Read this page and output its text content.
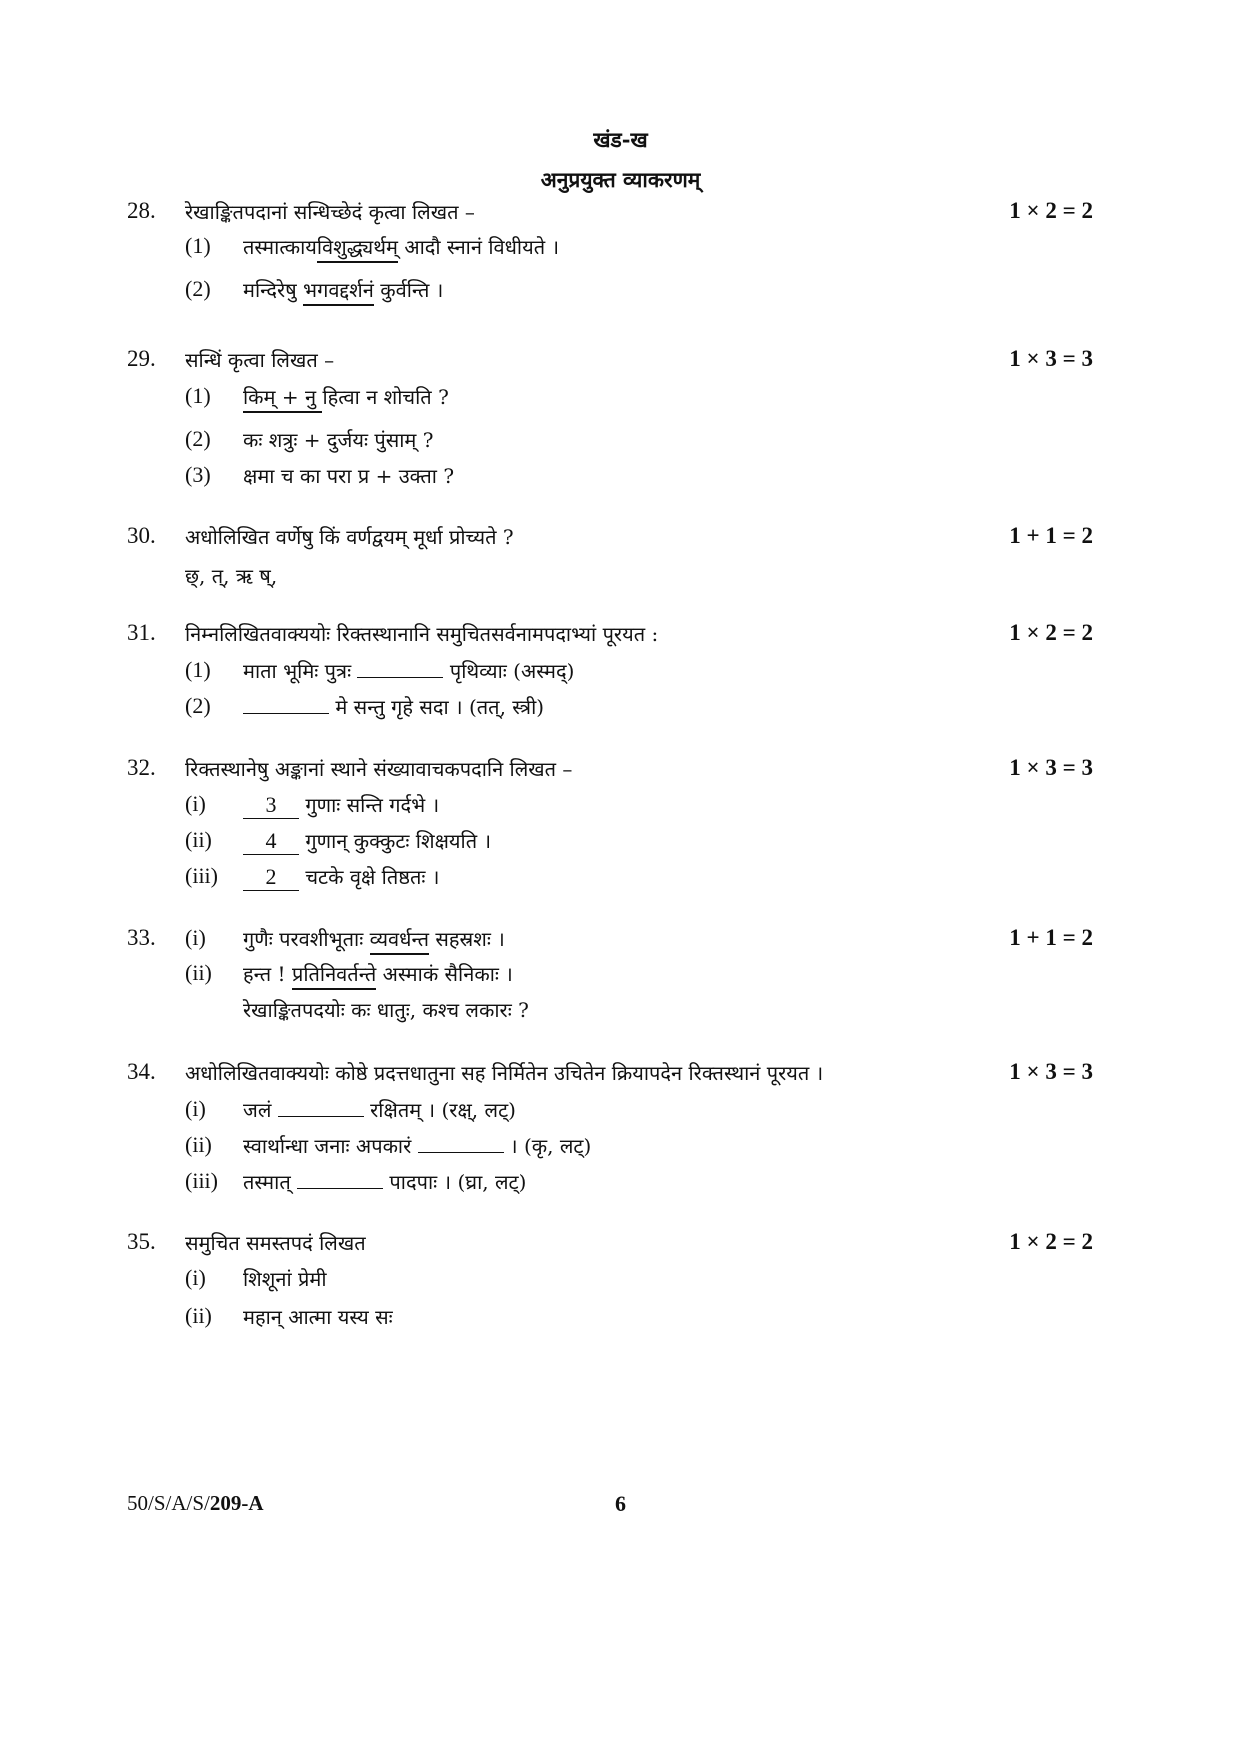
खंड-ख
अनुप्रयुक्त व्याकरणम्
28. रेखाङ्कितपदानां सन्धिच्छेदं कृत्वा लिखत –	1 × 2 = 2
(1) तस्मात्कायविशुद्ध्यर्थम् आदौ स्नानं विधीयते ।
(2) मन्दिरेषु भगवद्दर्शनं कुर्वन्ति ।
29. सन्धिं कृत्वा लिखत –	1 × 3 = 3
(1) किम् + नु हित्वा न शोचति ?
(2) कः शत्रुः + दुर्जयः पुंसाम् ?
(3) क्षमा च का परा प्र + उक्ता ?
30. अधोलिखित वर्णेषु किं वर्णद्वयम् मूर्धा प्रोच्यते ?	1 + 1 = 2
छ्, त्, ऋ ष्,
31. निम्नलिखितवाक्ययोः रिक्तस्थानानि समुचितसर्वनामपदाभ्यां पूरयत :	1 × 2 = 2
(1) माता भूमिः पुत्रः	पृथिव्याः (अस्मद्)
(2)	मे सन्तु गृहे सदा । (तत्, स्त्री)
32. रिक्तस्थानेषु अङ्कानां स्थाने संख्यावाचकपदानि लिखत –	1 × 3 = 3
(i)	3 गुणाः सन्ति गर्दभे ।
(ii)	4 गुणान् कुक्कुटः शिक्षयति ।
(iii)	2 चटके वृक्षे तिष्ठतः ।
33.	1 + 1 = 2
(i) गुणैः परवशीभूताः व्यवर्धन्त सहस्रशः ।
(ii) हन्त ! प्रतिनिवर्तन्ते अस्माकं सैनिकाः ।
रेखाङ्कितपदयोः कः धातुः, कश्च लकारः ?
34. अधोलिखितवाक्ययोः कोष्ठे प्रदत्तधातुना सह निर्मितेन उचितेन क्रियापदेन रिक्तस्थानं पूरयत ।	1 × 3 = 3
(i) जलं	रक्षितम् । (रक्ष्, लट्)
(ii) स्वार्थान्धा जनाः अपकारं	। (कृ, लट्)
(iii) तस्मात्	पादपाः । (घ्रा, लट्)
35. समुचित समस्तपदं लिखत	1 × 2 = 2
(i) शिशूनां प्रेमी
(ii) महान् आत्मा यस्य सः
50/S/A/S/209-A	6
